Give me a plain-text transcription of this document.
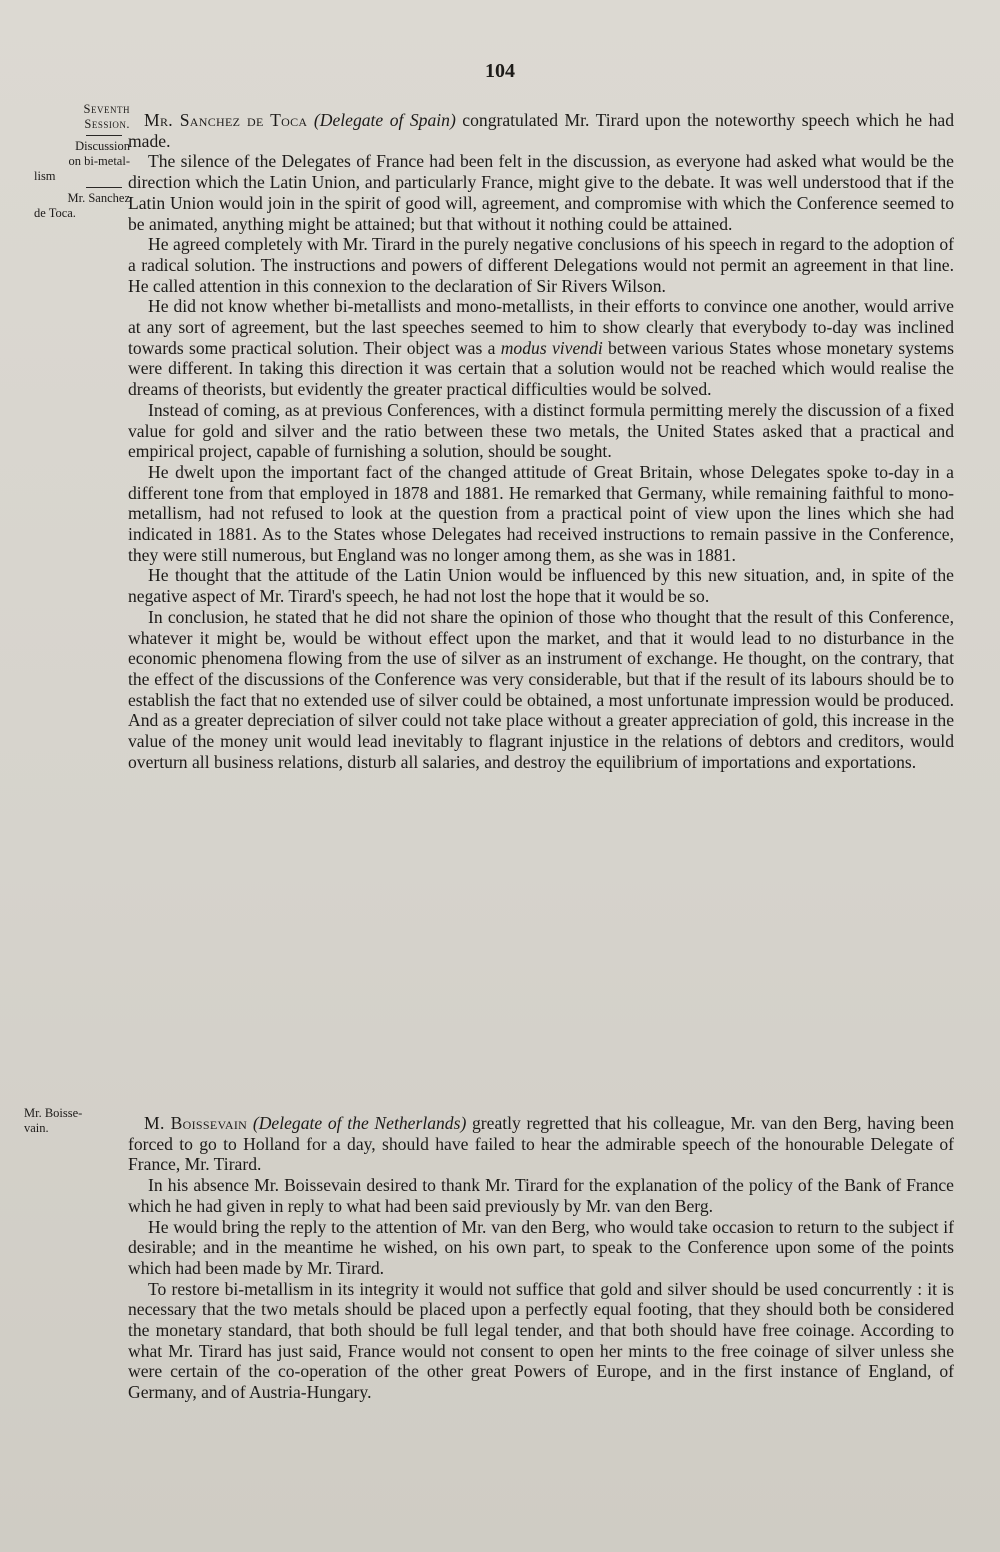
104
Seventh
Session.
Discussion
on bi-metal-
lism
Mr. Sanchez
de Toca.

Mr. Sanchez de Toca (Delegate of Spain) congratulated Mr. Tirard upon the noteworthy speech which he had made.

The silence of the Delegates of France had been felt in the discussion, as everyone had asked what would be the direction which the Latin Union, and particularly France, might give to the debate. It was well understood that if the Latin Union would join in the spirit of good will, agreement, and compromise with which the Conference seemed to be animated, anything might be attained; but that without it nothing could be attained.

He agreed completely with Mr. Tirard in the purely negative conclusions of his speech in regard to the adoption of a radical solution. The instructions and powers of different Delegations would not permit an agreement in that line. He called attention in this connexion to the declaration of Sir Rivers Wilson.

He did not know whether bi-metallists and mono-metallists, in their efforts to convince one another, would arrive at any sort of agreement, but the last speeches seemed to him to show clearly that everybody to-day was inclined towards some practical solution. Their object was a modus vivendi between various States whose monetary systems were different. In taking this direction it was certain that a solution would not be reached which would realise the dreams of theorists, but evidently the greater practical difficulties would be solved.

Instead of coming, as at previous Conferences, with a distinct formula permitting merely the discussion of a fixed value for gold and silver and the ratio between these two metals, the United States asked that a practical and empirical project, capable of furnishing a solution, should be sought.

He dwelt upon the important fact of the changed attitude of Great Britain, whose Delegates spoke to-day in a different tone from that employed in 1878 and 1881. He remarked that Germany, while remaining faithful to mono-metallism, had not refused to look at the question from a practical point of view upon the lines which she had indicated in 1881. As to the States whose Delegates had received instructions to remain passive in the Conference, they were still numerous, but England was no longer among them, as she was in 1881.

He thought that the attitude of the Latin Union would be influenced by this new situation, and, in spite of the negative aspect of Mr. Tirard's speech, he had not lost the hope that it would be so.

In conclusion, he stated that he did not share the opinion of those who thought that the result of this Conference, whatever it might be, would be without effect upon the market, and that it would lead to no disturbance in the economic phenomena flowing from the use of silver as an instrument of exchange. He thought, on the contrary, that the effect of the discussions of the Conference was very considerable, but that if the result of its labours should be to establish the fact that no extended use of silver could be obtained, a most unfortunate impression would be produced. And as a greater depreciation of silver could not take place without a greater appreciation of gold, this increase in the value of the money unit would lead inevitably to flagrant injustice in the relations of debtors and creditors, would overturn all business relations, disturb all salaries, and destroy the equilibrium of importations and exportations.

Mr. Boisse-
vain.	M. Boissevain (Delegate of the Netherlands) greatly regretted that his colleague, Mr. van den Berg, having been forced to go to Holland for a day, should have failed to hear the admirable speech of the honourable Delegate of France, Mr. Tirard.

In his absence Mr. Boissevain desired to thank Mr. Tirard for the explanation of the policy of the Bank of France which he had given in reply to what had been said previously by Mr. van den Berg.

He would bring the reply to the attention of Mr. van den Berg, who would take occasion to return to the subject if desirable; and in the meantime he wished, on his own part, to speak to the Conference upon some of the points which had been made by Mr. Tirard.

To restore bi-metallism in its integrity it would not suffice that gold and silver should be used concurrently : it is necessary that the two metals should be placed upon a perfectly equal footing, that they should both be considered the monetary standard, that both should be full legal tender, and that both should have free coinage. According to what Mr. Tirard has just said, France would not consent to open her mints to the free coinage of silver unless she were certain of the co-operation of the other great Powers of Europe, and in the first instance of England, of Germany, and of Austria-Hungary.
